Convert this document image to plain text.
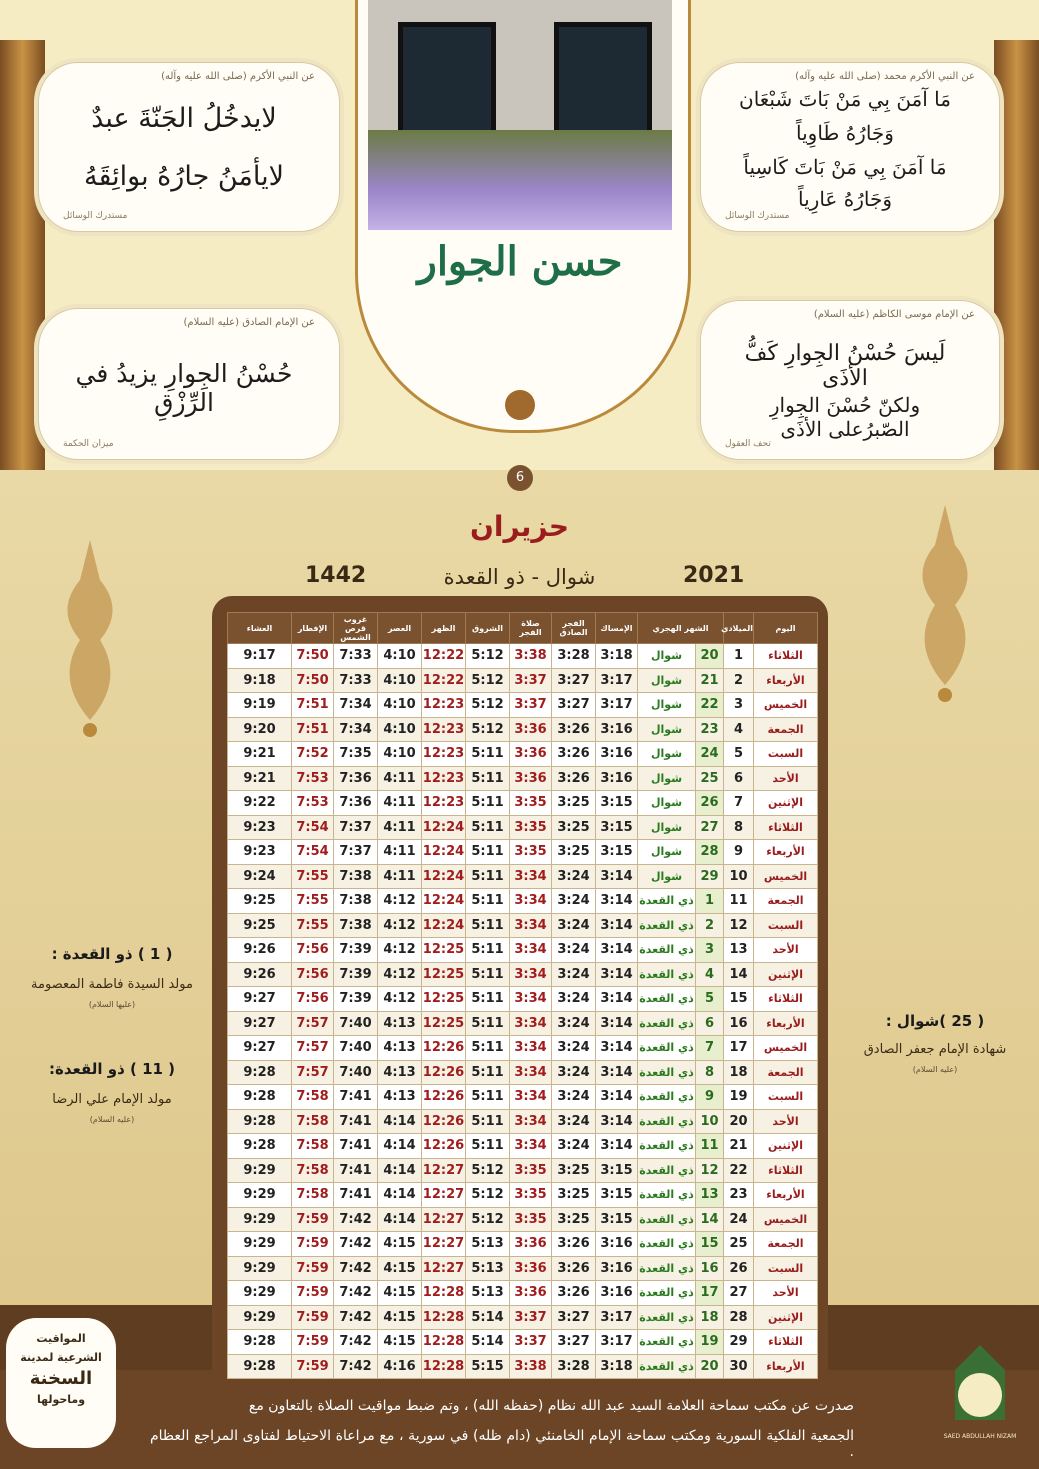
عن النبي الأكرم (صلى الله عليه وآله)
لايدخُلُ الجَنّةَ عبدٌ
لايأمَنُ جارُهُ بوائِقَهُ
مستدرك الوسائل
عن النبي الأكرم محمد (صلى الله عليه وآله)
مَا آمَنَ بِي مَنْ بَاتَ شَبْعَان
وَجَارُهُ طَاوِياً
مَا آمَنَ بِي مَنْ بَاتَ كَاسِياً
وَجَارُهُ عَارِياً
مستدرك الوسائل
عن الإمام الصادق (عليه السلام)
حُسْنُ الجِوارِ يزيدُ في الرِّزْقِ
ميزان الحكمة
عن الإمام موسى الكاظم (عليه السلام)
لَيسَ حُسْنُ الجِوارِ كَفُّ الأذَى
ولكنّ حُسْنَ الجِوارِ الصّبرُعلى الأذَى
تحف العقول
حسن الجوار
6
حزيران
شوال - ذو القعدة
1442	2021
( 1 ) ذو القعدة :
مولد السيدة فاطمة المعصومة
(عليها السلام)
( 11 ) ذو القعدة:
مولد الإمام علي الرضا
(عليه السلام)
( 25 )شوال :
شهادة الإمام جعفر الصادق
(عليه السلام)
اليوم	الميلادي	الشهر الهجري		الإمساك	الفجر الصادق	صلاة الفجر	الشروق	الظهر	العصر	غروب قرص الشمس	الإفطار	العشاء
الثلاثاء	1	20	شوال	3:18	3:28	3:38	5:12	12:22	4:10	7:33	7:50	9:17
الأربعاء	2	21	شوال	3:17	3:27	3:37	5:12	12:22	4:10	7:33	7:50	9:18
الخميس	3	22	شوال	3:17	3:27	3:37	5:12	12:23	4:10	7:34	7:51	9:19
الجمعة	4	23	شوال	3:16	3:26	3:36	5:12	12:23	4:10	7:34	7:51	9:20
السبت	5	24	شوال	3:16	3:26	3:36	5:11	12:23	4:10	7:35	7:52	9:21
الأحد	6	25	شوال	3:16	3:26	3:36	5:11	12:23	4:11	7:36	7:53	9:21
الإثنين	7	26	شوال	3:15	3:25	3:35	5:11	12:23	4:11	7:36	7:53	9:22
الثلاثاء	8	27	شوال	3:15	3:25	3:35	5:11	12:24	4:11	7:37	7:54	9:23
الأربعاء	9	28	شوال	3:15	3:25	3:35	5:11	12:24	4:11	7:37	7:54	9:23
الخميس	10	29	شوال	3:14	3:24	3:34	5:11	12:24	4:11	7:38	7:55	9:24
الجمعة	11	1	ذي القعدة	3:14	3:24	3:34	5:11	12:24	4:12	7:38	7:55	9:25
السبت	12	2	ذي القعدة	3:14	3:24	3:34	5:11	12:24	4:12	7:38	7:55	9:25
الأحد	13	3	ذي القعدة	3:14	3:24	3:34	5:11	12:25	4:12	7:39	7:56	9:26
الإثنين	14	4	ذي القعدة	3:14	3:24	3:34	5:11	12:25	4:12	7:39	7:56	9:26
الثلاثاء	15	5	ذي القعدة	3:14	3:24	3:34	5:11	12:25	4:12	7:39	7:56	9:27
الأربعاء	16	6	ذي القعدة	3:14	3:24	3:34	5:11	12:25	4:13	7:40	7:57	9:27
الخميس	17	7	ذي القعدة	3:14	3:24	3:34	5:11	12:26	4:13	7:40	7:57	9:27
الجمعة	18	8	ذي القعدة	3:14	3:24	3:34	5:11	12:26	4:13	7:40	7:57	9:28
السبت	19	9	ذي القعدة	3:14	3:24	3:34	5:11	12:26	4:13	7:41	7:58	9:28
الأحد	20	10	ذي القعدة	3:14	3:24	3:34	5:11	12:26	4:14	7:41	7:58	9:28
الإثنين	21	11	ذي القعدة	3:14	3:24	3:34	5:11	12:26	4:14	7:41	7:58	9:28
الثلاثاء	22	12	ذي القعدة	3:15	3:25	3:35	5:12	12:27	4:14	7:41	7:58	9:29
الأربعاء	23	13	ذي القعدة	3:15	3:25	3:35	5:12	12:27	4:14	7:41	7:58	9:29
الخميس	24	14	ذي القعدة	3:15	3:25	3:35	5:12	12:27	4:14	7:42	7:59	9:29
الجمعة	25	15	ذي القعدة	3:16	3:26	3:36	5:13	12:27	4:15	7:42	7:59	9:29
السبت	26	16	ذي القعدة	3:16	3:26	3:36	5:13	12:27	4:15	7:42	7:59	9:29
الأحد	27	17	ذي القعدة	3:16	3:26	3:36	5:13	12:28	4:15	7:42	7:59	9:29
الإثنين	28	18	ذي القعدة	3:17	3:27	3:37	5:14	12:28	4:15	7:42	7:59	9:29
الثلاثاء	29	19	ذي القعدة	3:17	3:27	3:37	5:14	12:28	4:15	7:42	7:59	9:28
الأربعاء	30	20	ذي القعدة	3:18	3:28	3:38	5:15	12:28	4:16	7:42	7:59	9:28
صدرت عن مكتب سماحة العلامة السيد عبد الله نظام (حفظه الله) ، وتم ضبط مواقيت الصلاة بالتعاون مع
الجمعية الفلكية السورية ومكتب سماحة الإمام الخامنئي (دام ظله) في سورية ، مع مراعاة الاحتياط لفتاوى المراجع العظام .
المواقيت
الشرعية لمدينة
السخنة
وماحولها
SAED ABDULLAH NIZAM
